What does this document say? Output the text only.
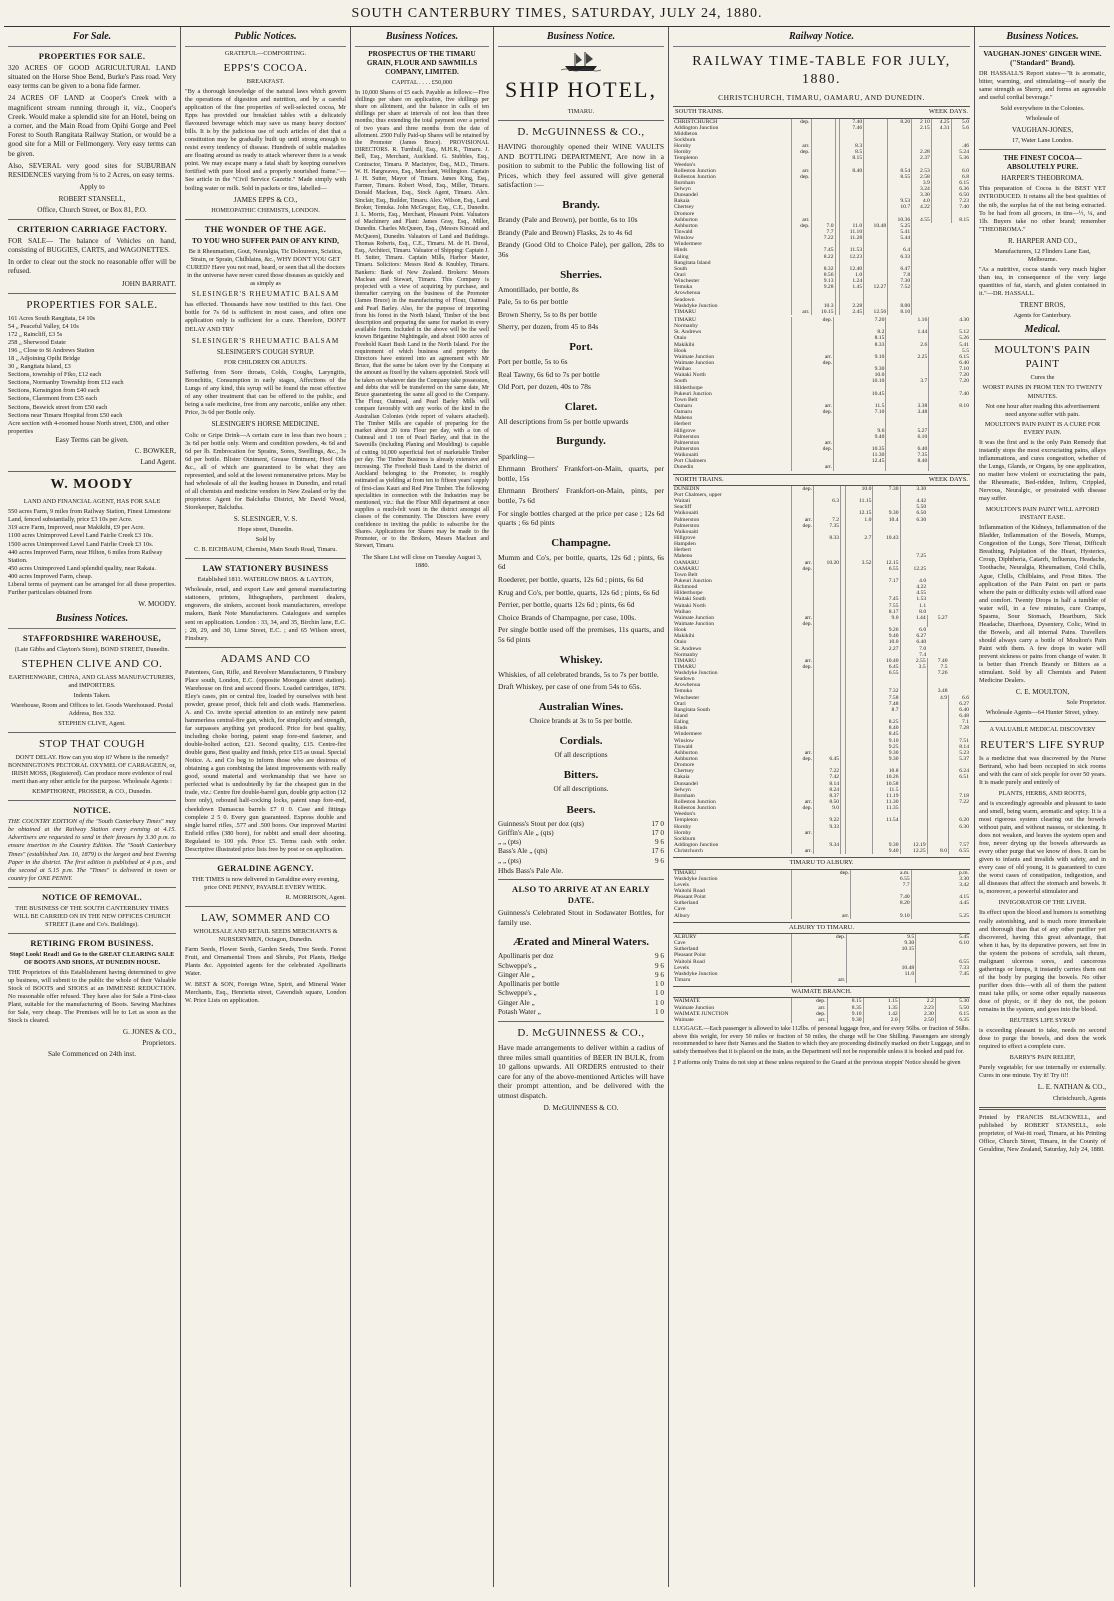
SOUTH CANTERBURY TIMES, SATURDAY, JULY 24, 1880.
For Sale.
PROPERTIES FOR SALE.

320 ACRES OF GOOD AGRICULTURAL LAND situated on the Horse Shoe Bend, Burke's Pass road. Very easy terms can be given to a bona fide farmer.

24 ACRES OF LAND at Cooper's Creek with a magnificent stream running through it, viz., Cooper's Creek. Would make a splendid site for an Hotel, being on a corner, and the Main Road from Opihi Gorge and Peel Forest to South Rangitata Railway Station, or would be a good site for a Mill or Fellmongery. Very easy terms can be given.

Also, SEVERAL very good sites for SUBURBAN RESIDENCES varying from ¼ to 2 Acres, on easy terms.

Apply to

ROBERT STANSELL,

Office, Church Street, or Box 81, P.O.

CRITERION CARRIAGE FACTORY.

FOR SALE— The balance of Vehicles on hand, consisting of BUGGIES, CARTS, and WAGONETTES.

In order to clear out the stock no reasonable offer will be refused.

JOHN BARRATT.

PROPERTIES FOR SALE.
161 Acres South Rangitata, £4 10s
54 „ Peaceful Valley, £4 10s
172 „ Raincliff, £3 5s
258 „ Sherwood Estate
196 „ Close to St Andrews Station
18 „ Adjoining Opihi Bridge
30 „ Rangitata Island, £3
Sections, township of Fiko, £12 each
Sections, Normanby Township from £12 each
Sections, Kensington from £40 each
Sections, Claremont from £35 each
Sections, Beswick street from £50 each
Sections near Timaru Hospital from £50 each
Acre section with 4-roomed house North street, £300, and other properties

Easy Terms can be given.

C. BOWKER,

Land Agent.

W. MOODY

LAND AND FINANCIAL AGENT, HAS FOR SALE

550 acres Farm, 9 miles from Railway Station, Finest Limestone Land, fenced substantially, price £3 10s per Acre.
319 acre Farm, Improved, near Makikihi, £9 per Acre.
1100 acres Unimproved Level Land Fairlie Creek £3 10s.
1500 acres Unimproved Level Land Fairlie Creek £3 10s.
440 acres Improved Farm, near Hilton, 6 miles from Railway Station.
450 acres Unimproved Land splendid quality, near Rakaia.
400 acres Improved Farm, cheap.

Liberal terms of payment can be arranged for all these properties. Further particulars obtained from

W. MOODY.

Business Notices.
STAFFORDSHIRE WAREHOUSE,

(Late Gibbs and Clayton's Store), BOND STREET, Dunedin.

STEPHEN CLIVE AND CO.

EARTHENWARE, CHINA, AND GLASS MANUFACTURERS, and IMPORTERS.

Indents Taken.

Warehouse, Room and Offices to let. Goods Warehoused. Postal Address, Box 332.

STEPHEN CLIVE, Agent.

STOP THAT COUGH

DON'T DELAY. How can you stop it? Where is the remedy? BONNINGTON'S PECTORAL OXYMEL OF CARRAGEEN, or, IRISH MOSS, (Registered). Can produce more evidence of real merit than any other article for the purpose. Wholesale Agents :

KEMPTHORNE, PROSSER, & CO., Dunedin.

NOTICE.

THE COUNTRY EDITION of the "South Canterbury Times" may be obtained at the Railway Station every evening at 4.15. Advertisers are requested to send in their favours by 3.30 p.m. to ensure insertion in the Country Edition. The "South Canterbury Times" (established Jan. 10, 1879) is the largest and best Evening Paper in the district. The first edition is published at 4 p.m., and the second at 5.15 p.m. The "Times" is delivered in town or country for ONE PENNY.

NOTICE OF REMOVAL.

THE BUSINESS OF THE SOUTH CANTERBURY TIMES WILL BE CARRIED ON IN THE NEW OFFICES CHURCH STREET (Lane and Co's. Buildings).

RETIRING FROM BUSINESS.

Stop! Look! Read! and Go to the GREAT CLEARING SALE OF BOOTS AND SHOES, AT DUNEDIN HOUSE.

THE Proprietors of this Establishment having determined to give up business, will submit to the public the whole of their Valuable Stock of BOOTS and SHOES at an IMMENSE REDUCTION. No reasonable offer refused. They have also for Sale a First-class Plant, suitable for the manufacturing of Boots. Sewing Machines for Sale, very cheap. The Premises will be to Let as soon as the Stock is cleared.

G. JONES & CO.,

Proprietors.

Sale Commenced on 24th inst.

Public Notices.

GRATEFUL—COMFORTING.

EPPS'S COCOA.

BREAKFAST.

"By a thorough knowledge of the natural laws which govern the operations of digestion and nutrition, and by a careful application of the fine properties of well-selected cocoa, Mr Epps has provided our breakfast tables with a delicately flavoured beverage which may save us many heavy doctors' bills. It is by the judicious use of such articles of diet that a constitution may be gradually built up until strong enough to resist every tendency of disease. Hundreds of subtle maladies are floating around us ready to attack wherever there is a weak point. We may escape many a fatal shaft by keeping ourselves fortified with pure blood and a properly nourished frame."—See article in the "Civil Service Gazette." Made simply with boiling water or milk. Sold in packets or tins, labelled—

JAMES EPPS & CO.,

HOMEOPATHIC CHEMISTS, LONDON.

THE WONDER OF THE AGE.

TO YOU WHO SUFFER PAIN OF ANY KIND,

Be it Rheumatism, Gout, Neuralgia, Tic Doloureux, Sciatica, Strain, or Sprain, Chilblains, &c., WHY DON'T YOU GET CURED? Have you not read, heard, or seen that all the doctors in the universe have never cured those diseases as quickly and as simply as

SLESINGER'S RHEUMATIC BALSAM

has effected. Thousands have now testified to this fact. One bottle for 7s 6d is sufficient in most cases, and often one application only is sufficient for a cure. Therefore, DON'T DELAY AND TRY

SLESINGER'S RHEUMATIC BALSAM

SLESINGER'S COUGH SYRUP.

FOR CHILDREN OR ADULTS.

Suffering from Sore throats, Colds, Coughs, Laryngitis, Bronchitis, Consumption in early stages, Affections of the Lungs of any kind, this syrup will be found the most effective of any other treatment that can be offered to the public, and being a safe medicine, free from any narcotic, unlike any other. Price, 3s 6d per Bottle only.

SLESINGER'S HORSE MEDICINE.

Colic or Gripe Drink—A certain cure in less than two hours ; 3s 6d per bottle only. Worm and condition powders, 4s 6d and 6d per lb. Embrocation for Sprains, Sores, Swellings, &c., 3s 6d per bottle. Blister Ointment, Grease Ointment, Hoof Oils &c., all of which are guaranteed to be what they are represented, and sold at the lowest remunerative prices. May be had wholesale of all the leading houses in Dunedin, and retail of all chemists and medicine vendors in New Zealand or by the proprietor. Agent for Balclutha District, Mr David Wood, Storekeeper, Balclutha.

S. SLESINGER, V. S.

Hope street, Dunedin.

Sold by

C. B. EICHBAUM, Chemist, Main South Road, Timaru.

LAW STATIONERY BUSINESS

Established 1811. WATERLOW BROS. & LAYTON,

Wholesale, retail, and export Law and general manufacturing stationers, printers, lithographers, parchment dealers, engravers, die sinkers, account book manufacturers, envelope makers, Bank Note Manufacturers. Catalogues and samples sent on application. London : 33, 34, and 35, Birchin lane, E.C. ; 28, 29, and 30, Lime Street, E.C. ; and 65 Wilson street, Finsbury.

ADAMS AND CO

Patentees, Gun, Rifle, and Revolver Manufacturers, 9 Finsbury Place south, London, E.C. (opposite Moorgate street station). Warehouse on first and second floors. Loaded cartridges, 1879. Eley's cases, pin or central fire, loaded by ourselves with best powder, grease proof, thick felt and cloth wads. Hammerless. A. and Co. invite special attention to an entirely new patent hammerless central-fire gun, which, for simplicity and strength, far surpasses anything yet produced. Price for best quality, including choke boring, patent snap fore-end fastener, and double-bolted action, £21. Second quality, £15. Centre-fire double guns, Best quality and finish, price £15 as usual. Special Notice. A. and Co beg to inform those who are desirous of obtaining a gun combining the latest improvements with really good, sound material and workmanship that we have so perfected what is undoubtedly by far the cheapest gun in the trade, viz.: Centre fire double-barrel gun, double grip action (12 bore only), rebound half-cocking locks, patent snap fore-end, cheekdown Damascus barrels £7 0 0. Case and fittings complete 2 5 0. Every gun guaranteed. Express double and single barrel rifles, .577 and .500 bores. Our improved Martini Enfield rifles (380 bore), for rabbit and small deer shooting. Regulated to 100 yds. Price £5. Terms cash with order. Descriptive illustrated price lists free by post or on application.

GERALDINE AGENCY.

THE TIMES is now delivered in Geraldine every evening, price ONE PENNY, PAYABLE EVERY WEEK.

R. MORRISON, Agent.

LAW, SOMMER AND CO

WHOLESALE AND RETAIL SEEDS MERCHANTS & NURSERYMEN, Octagon, Dunedin.

Farm Seeds, Flower Seeds, Garden Seeds, Tree Seeds. Forest Fruit, and Ornamental Trees and Shrubs, Pot Plants, Hedge Plants &c. Appointed agents for the celebrated Apollinaris Water.

W. BEST & SON, Foreign Wine, Spirit, and Mineral Water Merchants, Esq., Henrietta street, Cavendish square, London W. Price Lists on application.

Business Notices.

PROSPECTUS OF THE TIMARU GRAIN, FLOUR AND SAWMILLS COMPANY, LIMITED.

CAPITAL . . . . £50,000

In 10,000 Shares of £5 each. Payable as follows:—Five shillings per share on application, five shillings per share on allotment, and the balance in calls of ten shillings per share at intervals of not less than three months; thus extending the total payment over a period of two years and three months from the date of allotment. 2500 Fully Paid-up Shares will be retained by the Promoter (James Bruce). PROVISIONAL DIRECTORS. R. Turnbull, Esq., M.H.R., Timaru. J. Bell, Esq., Merchant, Auckland. G. Stubbles, Esq., Contractor, Timaru. P. Macintyre, Esq., M.D., Timaru. W. H. Hargreaves, Esq., Merchant, Wellington. Captain J. H. Sutter, Mayor of Timaru. James King, Esq., Farmer, Timaru. Robert Wood, Esq., Miller, Timaru. Donald Maclean, Esq., Stock Agent, Timaru. Alex. Sinclair, Esq., Builder, Timaru. Alex. Wilson, Esq., Land Broker, Temuka. John McGregor, Esq., C.E., Dunedin. J. L. Morris, Esq., Merchant, Pleasant Point. Valuators of Machinery and Plant: James Gray, Esq., Miller, Dunedin. Charles McQueen, Esq., (Messrs Kincaid and McQueen), Dunedin. Valuators of Land and Buildings. Thomas Roberts, Esq., C.E., Timaru. M. de H. Duval, Esq., Architect, Timaru. Valuator of Shipping: Captain J. H. Sutter, Timaru. Captain Mills, Harbor Master, Timaru. Solicitors: Messrs Reid & Knubley, Timaru. Bankers: Bank of New Zealand. Brokers: Messrs Maclean and Stewart, Timaru. This Company is projected with a view of acquiring by purchase, and thereafter carrying on the business of the Promoter (James Bruce) in the manufacturing of Flour, Oatmeal and Pearl Barley. Also, for the purpose of importing from his forest in the North Island, Timber of the best description and preparing the same for market in every available form. Included in the above will be the well known Brigantine Nightingale, and about 1600 acres of Freehold Kauri Bush Land in the North Island. For the requirement of which business and property the Directors have entered into an agreement with Mr Bruce, that the same be taken over by the Company at the amount as fixed by the valuers appointed. Stock will be taken on whatever date the Company take possession, and debts due will be transferred on the same date, Mr Bruce guaranteeing the same all good to the Company. The Flour, Oatmeal, and Pearl Barley Mills will compare favorably with any works of the kind in the Australian Colonies (vide report of valuers attached). The Timber Mills are capable of preparing for the market about 20 tons Flour per day, with a ton of Oatmeal and 1 ton of Pearl Barley, and that in the Sawmills (including Planing and Moulding) is capable of cutting 10,000 superficial feet of marketable Timber per day. The Timber Business is already extensive and increasing. The Freehold Bush Land in the district of Auckland belonging to the Promoter, is roughly estimated as yielding at from ten to fifteen years' supply of first-class Kauri and Red Pine Timber. The following specialities in connection with the Industries may be mentioned, viz.: that the Flour Mill department at once supplies a much-felt want in the district amongst all classes of the community. The Directors have every confidence in inviting the public to subscribe for the Shares. Applications for Shares may be made to the Promoter, or to the Brokers, Messrs Maclean and Stewart, Timaru.

The Share List will close on Tuesday August 3, 1880.

Business Notice.
SHIP HOTEL,

TIMARU.

D. McGUINNESS & CO.,

HAVING thoroughly opened their WINE VAULTS AND BOTTLING DEPARTMENT, Are now in a position to submit to the Public the following list of Prices, which they feel assured will give general satisfaction :—

Brandy.

Brandy (Pale and Brown), per bottle, 6s to 10s

Brandy (Pale and Brown) Flasks, 2s to 4s 6d

Brandy (Good Old to Choice Pale), per gallon, 28s to 36s

Sherries.

Amontillado, per bottle, 8s

Pale, 5s to 6s per bottle

Brown Sherry, 5s to 8s per bottle

Sherry, per dozen, from 45 to 84s

Port.

Port per bottle, 5s to 6s

Real Tawny, 6s 6d to 7s per bottle

Old Port, per dozen, 40s to 78s

Claret.

All descriptions from 5s per bottle upwards

Burgundy.

Sparkling—

Ehrmann Brothers' Frankfort-on-Main, quarts, per bottle, 15s

Ehrmann Brothers' Frankfort-on-Main, pints, per bottle, 7s 6d

For single bottles charged at the price per case ; 12s 6d quarts ; 6s 6d pints

Champagne.

Mumm and Co's, per bottle, quarts, 12s 6d ; pints, 6s 6d

Roederer, per bottle, quarts, 12s 6d ; pints, 6s 6d

Krug and Co's, per bottle, quarts, 12s 6d ; pints, 6s 6d

Perrier, per bottle, quarts 12s 6d ; pints, 6s 6d

Choice Brands of Champagne, per case, 100s.

Per single bottle used off the premises, 11s quarts, and 5s 6d pints

Whiskey.

Whiskies, of all celebrated brands, 5s to 7s per bottle.

Draft Whiskey, per case of one from 54s to 65s.

Australian Wines.

Choice brands at 3s to 5s per bottle.

Cordials.

Of all descriptions

Bitters.

Of all descriptions.

Beers.
Guinness's Stout per doz (qts)	17 0
Griffin's Ale „ (qts)	17 0
„ „ (pts)	9 6
Bass's Ale „ (qts)	17 6
„ „ (pts)	9 6

Hhds Bass's Pale Ale.

ALSO TO ARRIVE AT AN EARLY DATE.

Guinness's Celebrated Stout in Sodawater Bottles, for family use.

Ærated and Mineral Waters.
Apollinaris per doz	9 6
Schweppe's „	9 6
Ginger Ale „	9 6
Apollinaris per bottle	1 0
Schweppe's „	1 0
Ginger Ale „	1 0
Potash Water „	1 0
D. McGUINNESS & CO.,

Have made arrangements to deliver within a radius of three miles small quantities of BEER IN BULK, from 10 gallons upwards. All ORDERS entrusted to their care for any of the above-mentioned Articles will have their prompt attention, and be delivered with the utmost dispatch.

D. McGUINNESS & CO.

Railway Notice.
RAILWAY TIME-TABLE FOR JULY, 1880.
CHRISTCHURCH, TIMARU, OAMARU, AND DUNEDIN.
SOUTH TRAINS.	WEEK DAYS.
CHRISTCHURCH	dep.			7.40		8.20	2 10	4.25	5.0
Addington Junction				7.46			2.15	4.31	5.6
Middleton									
Sockburn									
Hornby	arr.			8.3					.46
Hornby	dep.			8.5			2.28		5.24
Templeton				8.15			2.37		5.36
Weedon's									
Rolleston Junction	arr.			8.40		8.54	2.53		6.0
Rolleston Junction	dep.					8.55	2.58		6.8
Burnham							3.9		6.15
Selwyn							3.24		6.36
Dunsandel							3.30		6.50
Rakaia						9.53	4.0		7.23
Chertsey						10.7	4.22		7.40
Dromore									
Ashburton	arr.					10.36	4.55		8.15
Ashburton	dep.	7.0		11.0	10.48	5.25			
Tinwald		7.7		11.10		5.41			
Winslow		7.22		11.28		5.44			
Windermere									
Hinds		7.45		11.53		6.4			
Ealing		8.22		12.23		6.33			
Rangitata Island									
South		8.32		12.40		6.47			
Orari		8.56		1.0		7.8			
Winchester		9.13		1.24		7.30			
Temuka		9.28		1.45	12.27	7.52			
Arowhenua									
Seadown									
Washdyke Junction		10.3		2.28		8.00			
TIMARU	arr.	10.15		2.45	12.56	8.10			
TIMARU	dep.	7.20	1.16	4.30
Normanby				
St. Andrews		8.2	1.44	5.12
Otaio		8.15		5.26
Makikihi		8.33	2.6	5.41
Hook				5.5
Waimate Junction	arr.	9.10	2.25	6.15
Waimate Junction	dep.			6.40
Waihao		9.30		7.10
Waitaki North		10.0		7.20
South		10.10	3.7	7.20
Hilderthorpe				
Pukeuri Junction		10.45		7.40
Town Belt				
Oamaru	arr.	11.5	3.38	8.10
Oamaru	dep.	7.10	3.48	
Maheno				
Herbert				
Hillgrove		9.6	5.27	
Palmerston		9.40	6.10	
Palmerston	arr.			
Palmerston	dep.	10.35	6.40	
Waikouaiti		11.30	7.35	
Port Chalmers		12.45	8.40	
Dunedin	arr.			
NORTH TRAINS.	WEEK DAYS.
DUNEDIN	dep.			10.0	7.30	3.30		
Port Chalmers, upper								
Waitati		6.3		11.15		4.42		
Seacliff						5.50		
Waikouaiti				12.15	9.30	6.50		
Palmerston	arr.	7.2		1.0	10.4	6.30		
Palmerston	dep.	7.35						
Waikouaiti								
Hillgrove		8.33		2.7	10.43			
Hampden								
Herbert								
Maheno						7.25		
OAMARU	arr.	10.20		3.52	12.15			
OAMARU	dep.				6.55	12.25		
Town Belt								
Pukeuri Junction					7.17	4.0		
Richmond						4.22		
Hilderthorpe						4.55		
Waitaki South					7.45	1.53		
Waitaki North					7.55	1.1		
Waihao					8.17	8.0		
Waimate Junction	arr.				9.0	1.44	5.27	
Waimate Junction	dep.							
Hook					9.26	6.0		
Makikihi					9.40	6.27		
Otaio					10.0	6.40		
St. Andrews					2.27	7.0		
Normanby						7.4		
TIMARU	arr.				10.40	2.55	7.40	
TIMARU	dep.				6.45	3.5	7.5	
Washdyke Junction					6.55		7.26	
Seadown								
Arowhenua								
Temuka					7.32		3.48	
Winchester					7.58		4.9	6.6
Orari					7.48			6.27
Rangitata South					8.7			6.40
Island								6.48
Ealing					8.25			7.1
Hinds					8.40			7.28
Windermere					8.45			
Winslow					9.10			7.51
Tinwald					9.25			8.14
Ashburton	arr.				9.30			5.23
Ashburton	dep.	6.45			9.30			5.37
Dromore								
Chertsey		7.22			10.8			6.24
Rakaia		7.42			10.26			6.51
Dunsandel		8.14			10.58			
Selwyn		8.24			11.5			
Burnham		8.37			11.19			7.18
Rolleston Junction	arr.	8.50			11.30			7.22
Rolleston Junction	dep.	9.0			11.35			
Weedon's								
Templeton		9.22			11.54			6.20
Hornby		9.33						6.30
Hornby	arr.							
Sockburn								
Addington Junction		9.34			9.30	12.19		7.57
Christchurch	arr.				9.40	12.25	8.0	6.55
TIMARU TO ALBURY.
TIMARU	dep.	a.m.	p.m.
Washdyke Junction		6.55	3.30
Levels		7.7	3.42
Waitohi Road			
Pleasant Point		7.40	4.15
Sutherland		8.20	4.45
Cave			
Albury	arr.	9.10	5.25
ALBURY TO TIMARU.
ALBURY	dep.	9.5	5.45
Cave		9.30	6.10
Sutherland		10.15	
Pleasant Point			
Waitohi Road			6.55
Levels		10.48	7.33
Washdyke Junction		11.0	7.45
Timaru	arr.		
WAIMATE BRANCH.
WAIMATE	dep.	8.15	1.15	2.2	5.30
Waimate Junction	arr.	8.35	1.35	2.23	5.50
WAIMATE JUNCTION	dep.	9.10	1.42	2.30	6.15
Waimate	arr.	9.30	2.0	2.50	6.35

LUGGAGE.—Each passenger is allowed to take 112lbs. of personal luggage free, and for every 56lbs. or fraction of 56lbs. above this weight, for every 50 miles or fraction of 50 miles, the charge will be One Shilling. Passengers are strongly recommended to have their Names and the Station to which they are proceeding distinctly marked on their Luggage, and to satisfy themselves that it is placed on the train, as the Department will not be responsible unless it is booked and paid for.

‡ P atforms only Trains do not stop at these unless required to the Guard at the previous stoppin' Notice should be given

Business Notices.

VAUGHAN-JONES' GINGER WINE. ("Standard" Brand).

DR HASSALL'S Report states—"It is aromatic, bitter, warming, and stimulating—of nearly the same strength as Sherry, and forms an agreeable and useful cordial beverage."

Sold everywhere in the Colonies.

Wholesale of

VAUGHAN-JONES,

17, Water Lane London.

THE FINEST COCOA—ABSOLUTELY PURE.

HARPER'S THEOBROMA.

This preparation of Cocoa is the BEST YET INTRODUCED. It retains all the best qualities of the nib, the surplus fat of the nut being extracted. To be had from all grocers, in tins—½, ¼, and 1lb. Buyers take no other brand; remember "THEOBROMA."

R. HARPER AND CO.,

Manufacturers, 12 Flinders Lane East, Melbourne.

"As a nutritive, cocoa stands very much higher than tea, in consequence of the very large quantities of fat, starch, and gluten contained in it."—DR. HASSALL.

TRENT BROS,

Agents for Canterbury.

Medical.
MOULTON'S PAIN PAINT

Cures the

WORST PAINS IN FROM TEN TO TWENTY MINUTES.

Not one hour after reading this advertisement need anyone suffer with pain.

MOULTON'S PAIN PAINT IS A CURE FOR EVERY PAIN.

It was the first and is the only Pain Remedy that instantly stops the most excruciating pains, allays inflammations, and cures congestion, whether of the Lungs, Glands, or Organs, by one application, no matter how violent or excruciating the pain, the Rheumatic, Bed-ridden, Infirm, Crippled, Nervous, Neuralgic, or prostrated with disease may suffer.

MOULTON'S PAIN PAINT WILL AFFORD INSTANT EASE.

Inflammation of the Kidneys, Inflammation of the Bladder, Inflammation of the Bowels, Mumps, Congestion of the Lungs, Sore Throat, Difficult Breathing, Palpitation of the Heart, Hysterics, Croup, Diphtheria, Catarrh, Influenza, Headache, Toothache, Neuralgia, Rheumatism, Cold Chills, Ague, Chills, Chilblains, and Frost Bites. The application of the Pain Paint on part or parts where the pain or difficulty exists will afford ease and comfort. Twenty Drops in half a tumbler of water will, in a few minutes, cure Cramps, Spasms, Sour Stomach, Heartburn, Sick Headache, Diarrhoea, Dysentery, Colic, Wind in the Bowels, and all internal Pains. Travellers should always carry a bottle of Moulton's Pain Paint with them. A few drops in water will prevent sickness or pains from change of water. It is better than French Brandy or Bitters as a stimulant. Sold by all Chemists and Patent Medicine Dealers.

C. E. MOULTON,

Sole Proprietor.

Wholesale Agents—64 Hunter Street, ydney.

A VALUABLE MEDICAL DISCOVERY

REUTER'S LIFE SYRUP

Is a medicine that was discovered by the Nurse Bertrand, who had been occupied in sick rooms and with the care of sick people for over 50 years. It is made purely and entirely of

PLANTS, HERBS, AND ROOTS,

and is exceedingly agreeable and pleasant to taste and smell, being warm, aromatic and spicy. It is a most rigorous system clearing out the bowels without pain, and without nausea, or sickening. It does not weaken, and leaves the system open and free, never drying up the bowels afterwards as every other purge that we know of does. It can be given to infants and invalids with safety, and in every case of old young, it is guaranteed to cure the worst cases of constipation, indigestion, and all diseases that affect the stomach and bowels. It is, moreover, a powerful stimulator and

INVIGORATOR OF THE LIVER.

Its effect upon the blood and humors is something really astonishing, and is much more immediate and thorough than that of any other purifier yet discovered, having this great advantage, that when it has, by its depurative powers, set free in the system the poisons of scrofula, salt rheum, malignant ulcerous sores, and cancerous gatherings or lumps, it instantly carries them out of the body by purging the bowels. No other purifier does this—with all of them the patient must take pills, or some other equally nauseous dose of physic, or if they do not, the poison remains in the system, and goes into the blood.

REUTER'S LIFE SYRUP

is exceeding pleasant to take, needs no second dose to purge the bowels, and does the work required to effect a complete cure.

BARRY'S PAIN RELIEF,

Purely vegetable; for use internally or externally. Cures in one minute. Try it! Try it!!

L. E. NATHAN & CO.,

Christchurch, Agents

Printed by FRANCIS BLACKWELL, and published by ROBERT STANSELL, sole proprietor, of Wai-iti road, Timaru, at his Printing Office, Church Street, Timaru, in the County of Geraldine, New Zealand, Saturday, July 24, 1880.
